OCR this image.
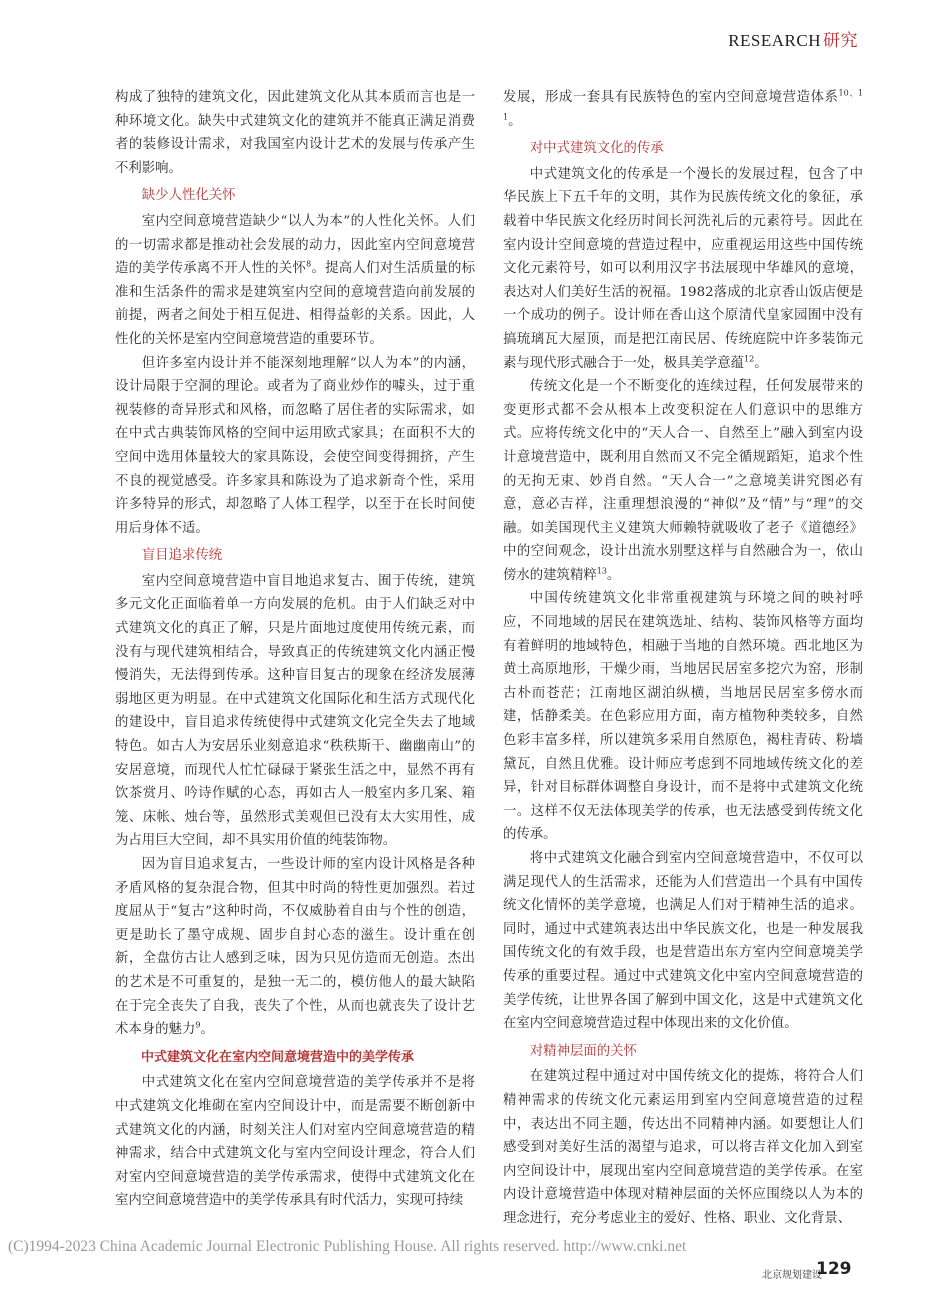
RESEARCH 研究

构成了独特的建筑文化，因此建筑文化从其本质而言也是一种环境文化。缺失中式建筑文化的建筑并不能真正满足消费者的装修设计需求，对我国室内设计艺术的发展与传承产生不利影响。

缺少人性化关怀

室内空间意境营造缺少“以人为本”的人性化关怀。人们的一切需求都是推动社会发展的动力，因此室内空间意境营造的美学传承离不开人性的关怀$^8$。提高人们对生活质量的标准和生活条件的需求是建筑室内空间的意境营造向前发展的前提，两者之间处于相互促进、相得益彰的关系。因此，人性化的关怀是室内空间意境营造的重要环节。

但许多室内设计并不能深刻地理解“以人为本”的内涵，设计局限于空洞的理论。或者为了商业炒作的噱头，过于重视装修的奇异形式和风格，而忽略了居住者的实际需求，如在中式古典装饰风格的空间中运用欧式家具；在面积不大的空间中选用体量较大的家具陈设，会使空间变得拥挤，产生不良的视觉感受。许多家具和陈设为了追求新奇个性，采用许多特异的形式，却忽略了人体工程学，以至于在长时间使用后身体不适。

盲目追求传统

室内空间意境营造中盲目地追求复古、囿于传统，建筑多元文化正面临着单一方向发展的危机。由于人们缺乏对中式建筑文化的真正了解，只是片面地过度使用传统元素，而没有与现代建筑相结合，导致真正的传统建筑文化内涵正慢慢消失，无法得到传承。这种盲目复古的现象在经济发展薄弱地区更为明显。在中式建筑文化国际化和生活方式现代化的建设中，盲目追求传统使得中式建筑文化完全失去了地域特色。如古人为安居乐业刻意追求“秩秩斯干、幽幽南山”的安居意境，而现代人忙忙碌碌于紧张生活之中，显然不再有饮茶赏月、吟诗作赋的心态，再如古人一般室内多几案、箱笼、床帐、烛台等，虽然形式美观但已没有太大实用性，成为占用巨大空间，却不具实用价值的纯装饰物。

因为盲目追求复古，一些设计师的室内设计风格是各种矛盾风格的复杂混合物，但其中时尚的特性更加强烈。若过度屈从于“复古”这种时尚，不仅威胁着自由与个性的创造，更是助长了墨守成规、固步自封心态的滋生。设计重在创新，全盘仿古让人感到乏味，因为只见仿造而无创造。杰出的艺术是不可重复的，是独一无二的，模仿他人的最大缺陷在于完全丧失了自我，丧失了个性，从而也就丧失了设计艺术本身的魅力$^9$。

中式建筑文化在室内空间意境营造中的美学传承

中式建筑文化在室内空间意境营造的美学传承并不是将中式建筑文化堆砌在室内空间设计中，而是需要不断创新中式建筑文化的内涵，时刻关注人们对室内空间意境营造的精神需求，结合中式建筑文化与室内空间设计理念，符合人们对室内空间意境营造的美学传承需求，使得中式建筑文化在室内空间意境营造中的美学传承具有时代活力，实现可持续

发展，形成一套具有民族特色的室内空间意境营造体系$^{10、11}$。

对中式建筑文化的传承

中式建筑文化的传承是一个漫长的发展过程，包含了中华民族上下五千年的文明，其作为民族传统文化的象征，承载着中华民族文化经历时间长河洗礼后的元素符号。因此在室内设计空间意境的营造过程中，应重视运用这些中国传统文化元素符号，如可以利用汉字书法展现中华雄风的意境，表达对人们美好生活的祝福。1982落成的北京香山饭店便是一个成功的例子。设计师在香山这个原清代皇家园囿中没有搞琉璃瓦大屋顶，而是把江南民居、传统庭院中许多装饰元素与现代形式融合于一处，极具美学意蕴$^{12}$。

传统文化是一个不断变化的连续过程，任何发展带来的变更形式都不会从根本上改变积淀在人们意识中的思维方式。应将传统文化中的“天人合一、自然至上”融入到室内设计意境营造中，既利用自然而又不完全循规蹈矩，追求个性的无拘无束、妙肖自然。“天人合一”之意境美讲究图必有意，意必吉祥，注重理想浪漫的“神似”及“情”与“理”的交融。如美国现代主义建筑大师赖特就吸收了老子《道德经》中的空间观念，设计出流水别墅这样与自然融合为一，依山傍水的建筑精粹$^{13}$。

中国传统建筑文化非常重视建筑与环境之间的映衬呼应，不同地域的居民在建筑选址、结构、装饰风格等方面均有着鲜明的地域特色，相融于当地的自然环境。西北地区为黄土高原地形，干燥少雨，当地居民居室多挖穴为窑，形制古朴而苍茫；江南地区湖泊纵横，当地居民居室多傍水而建，恬静柔美。在色彩应用方面，南方植物种类较多，自然色彩丰富多样，所以建筑多采用自然原色，褐柱青砖、粉墙黛瓦，自然且优雅。设计师应考虑到不同地域传统文化的差异，针对目标群体调整自身设计，而不是将中式建筑文化统一。这样不仅无法体现美学的传承，也无法感受到传统文化的传承。

将中式建筑文化融合到室内空间意境营造中，不仅可以满足现代人的生活需求，还能为人们营造出一个具有中国传统文化情怀的美学意境，也满足人们对于精神生活的追求。同时，通过中式建筑表达出中华民族文化，也是一种发展我国传统文化的有效手段，也是营造出东方室内空间意境美学传承的重要过程。通过中式建筑文化中室内空间意境营造的美学传统，让世界各国了解到中国文化，这是中式建筑文化在室内空间意境营造过程中体现出来的文化价值。

对精神层面的关怀

在建筑过程中通过对中国传统文化的提炼，将符合人们精神需求的传统文化元素运用到室内空间意境营造的过程中，表达出不同主题，传达出不同精神内涵。如要想让人们感受到对美好生活的渴望与追求，可以将吉祥文化加入到室内空间设计中，展现出室内空间意境营造的美学传承。在室内设计意境营造中体现对精神层面的关怀应围绕以人为本的理念进行，充分考虑业主的爱好、性格、职业、文化背景、

(C)1994-2023 China Academic Journal Electronic Publishing House. All rights reserved. http://www.cnki.net
北京规划建设
129
